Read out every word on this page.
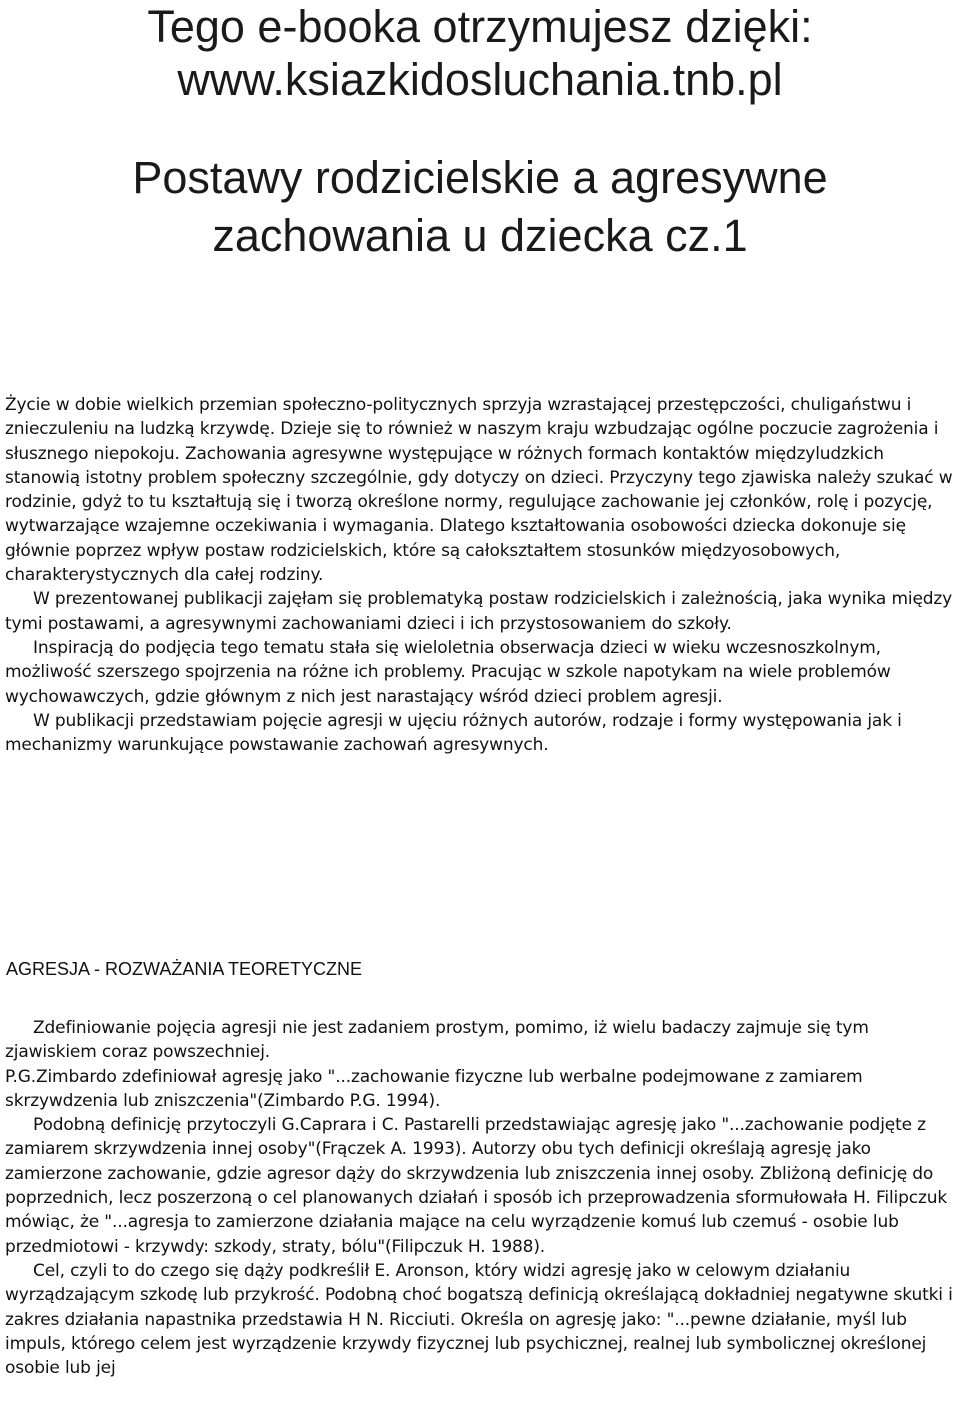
Tego e-booka otrzymujesz dzięki:
www.ksiazkidosluchania.tnb.pl
Postawy rodzicielskie a agresywne
zachowania u dziecka cz.1

Życie w dobie wielkich przemian społeczno-politycznych sprzyja wzrastającej przestępczości, chuligaństwu i znieczuleniu na ludzką krzywdę. Dzieje się to również w naszym kraju wzbudzając ogólne poczucie zagrożenia i słusznego niepokoju. Zachowania agresywne występujące w różnych formach kontaktów międzyludzkich stanowią istotny problem społeczny szczególnie, gdy dotyczy on dzieci. Przyczyny tego zjawiska należy szukać w rodzinie, gdyż to tu kształtują się i tworzą określone normy, regulujące zachowanie jej członków, rolę i pozycję, wytwarzające wzajemne oczekiwania i wymagania. Dlatego kształtowania osobowości dziecka dokonuje się głównie poprzez wpływ postaw rodzicielskich, które są całokształtem stosunków międzyosobowych, charakterystycznych dla całej rodziny.

W prezentowanej publikacji zajęłam się problematyką postaw rodzicielskich i zależnością, jaka wynika między tymi postawami, a agresywnymi zachowaniami dzieci i ich przystosowaniem do szkoły.

Inspiracją do podjęcia tego tematu stała się wieloletnia obserwacja dzieci w wieku wczesnoszkolnym, możliwość szerszego spojrzenia na różne ich problemy. Pracując w szkole napotykam na wiele problemów wychowawczych, gdzie głównym z nich jest narastający wśród dzieci problem agresji.

W publikacji przedstawiam pojęcie agresji w ujęciu różnych autorów, rodzaje i formy występowania jak i mechanizmy warunkujące powstawanie zachowań agresywnych.

AGRESJA - ROZWAŻANIA TEORETYCZNE

Zdefiniowanie pojęcia agresji nie jest zadaniem prostym, pomimo, iż wielu badaczy zajmuje się tym zjawiskiem coraz powszechniej.

P.G.Zimbardo zdefiniował agresję jako "...zachowanie fizyczne lub werbalne podejmowane z zamiarem skrzywdzenia lub zniszczenia"(Zimbardo P.G. 1994).

Podobną definicję przytoczyli G.Caprara i C. Pastarelli przedstawiając agresję jako "...zachowanie podjęte z zamiarem skrzywdzenia innej osoby"(Frączek A. 1993). Autorzy obu tych definicji określają agresję jako zamierzone zachowanie, gdzie agresor dąży do skrzywdzenia lub zniszczenia innej osoby. Zbliżoną definicję do poprzednich, lecz poszerzoną o cel planowanych działań i sposób ich przeprowadzenia sformułowała H. Filipczuk mówiąc, że "...agresja to zamierzone działania mające na celu wyrządzenie komuś lub czemuś - osobie lub przedmiotowi - krzywdy: szkody, straty, bólu"(Filipczuk H. 1988).

Cel, czyli to do czego się dąży podkreślił E. Aronson, który widzi agresję jako w celowym działaniu wyrządzającym szkodę lub przykrość. Podobną choć bogatszą definicją określającą dokładniej negatywne skutki i zakres działania napastnika przedstawia H N. Ricciuti. Określa on agresję jako: "...pewne działanie, myśl lub impuls, którego celem jest wyrządzenie krzywdy fizycznej lub psychicznej, realnej lub symbolicznej określonej osobie lub jej
